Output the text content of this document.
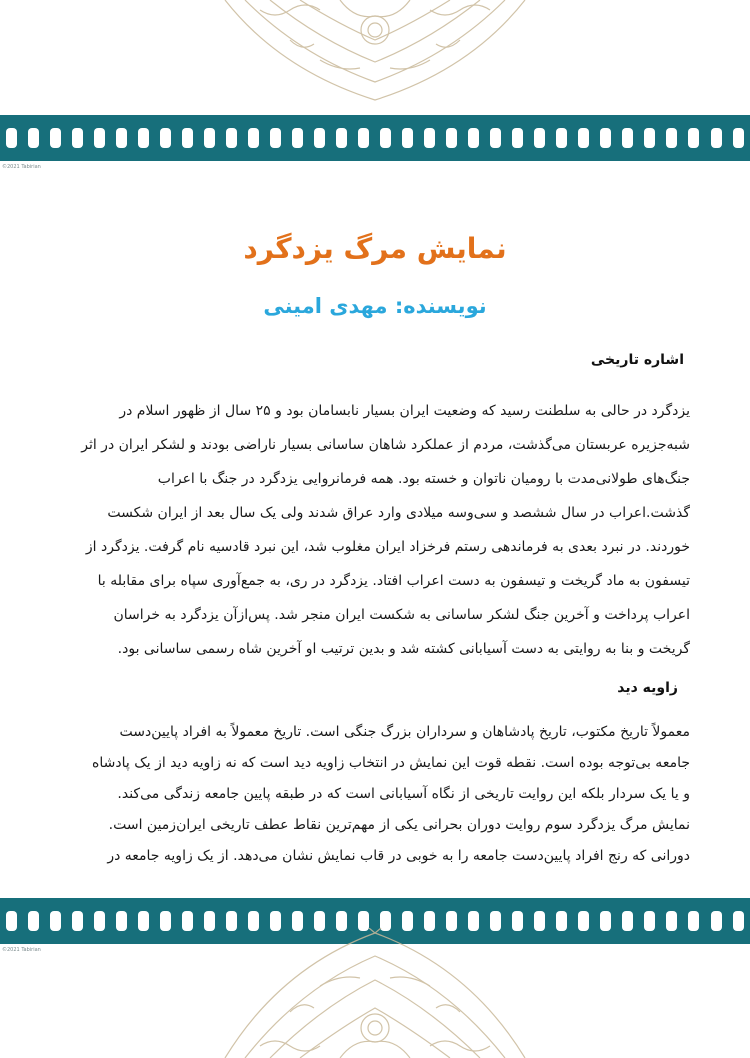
©2021 Tabirian
نمایش مرگ یزدگرد
نویسنده: مهدی امینی
اشاره تاریخی
یزدگرد در حالی به سلطنت رسید که وضعیت ایران بسیار نابسامان بود و ۲۵ سال از ظهور اسلام در
شبه‌جزیره عربستان می‌گذشت، مردم از عملکرد شاهان ساسانی بسیار ناراضی بودند و لشکر ایران در اثر
جنگ‌های طولانی‌مدت با رومیان ناتوان و خسته بود. همه فرمانروایی یزدگرد در جنگ با اعراب
گذشت.اعراب در سال ششصد و سی‌وسه میلادی وارد عراق شدند ولی یک سال بعد از ایران شکست
خوردند. در نبرد بعدی به فرماندهی رستم فرخزاد ایران مغلوب شد، این نبرد قادسیه نام گرفت. یزدگرد از
تیسفون به ماد گریخت و تیسفون به دست اعراب افتاد. یزدگرد در ری، به جمع‌آوری سپاه برای مقابله با
اعراب پرداخت و آخرین جنگ لشکر ساسانی به شکست ایران منجر شد. پس‌ازآن یزدگرد به خراسان
گریخت و بنا به روایتی به دست آسیابانی کشته شد و بدین ترتیب او آخرین شاه رسمی ساسانی بود.
زاویه دید
معمولاً تاریخ مکتوب، تاریخ پادشاهان و سرداران بزرگ جنگی است. تاریخ معمولاً به افراد پایین‌دست
جامعه بی‌توجه بوده است. نقطه قوت این نمایش در انتخاب زاویه دید است که نه زاویه دید از یک پادشاه
و یا یک سردار بلکه این روایت تاریخی از نگاه آسیابانی است که در طبقه پایین جامعه زندگی می‌کند.
نمایش مرگ یزدگرد سوم روایت دوران بحرانی یکی از مهم‌ترین نقاط عطف تاریخی ایران‌زمین است.
دورانی که رنج افراد پایین‌دست جامعه را به خوبی در قاب نمایش نشان می‌دهد. از یک زاویه جامعه در
©2021 Tabirian
